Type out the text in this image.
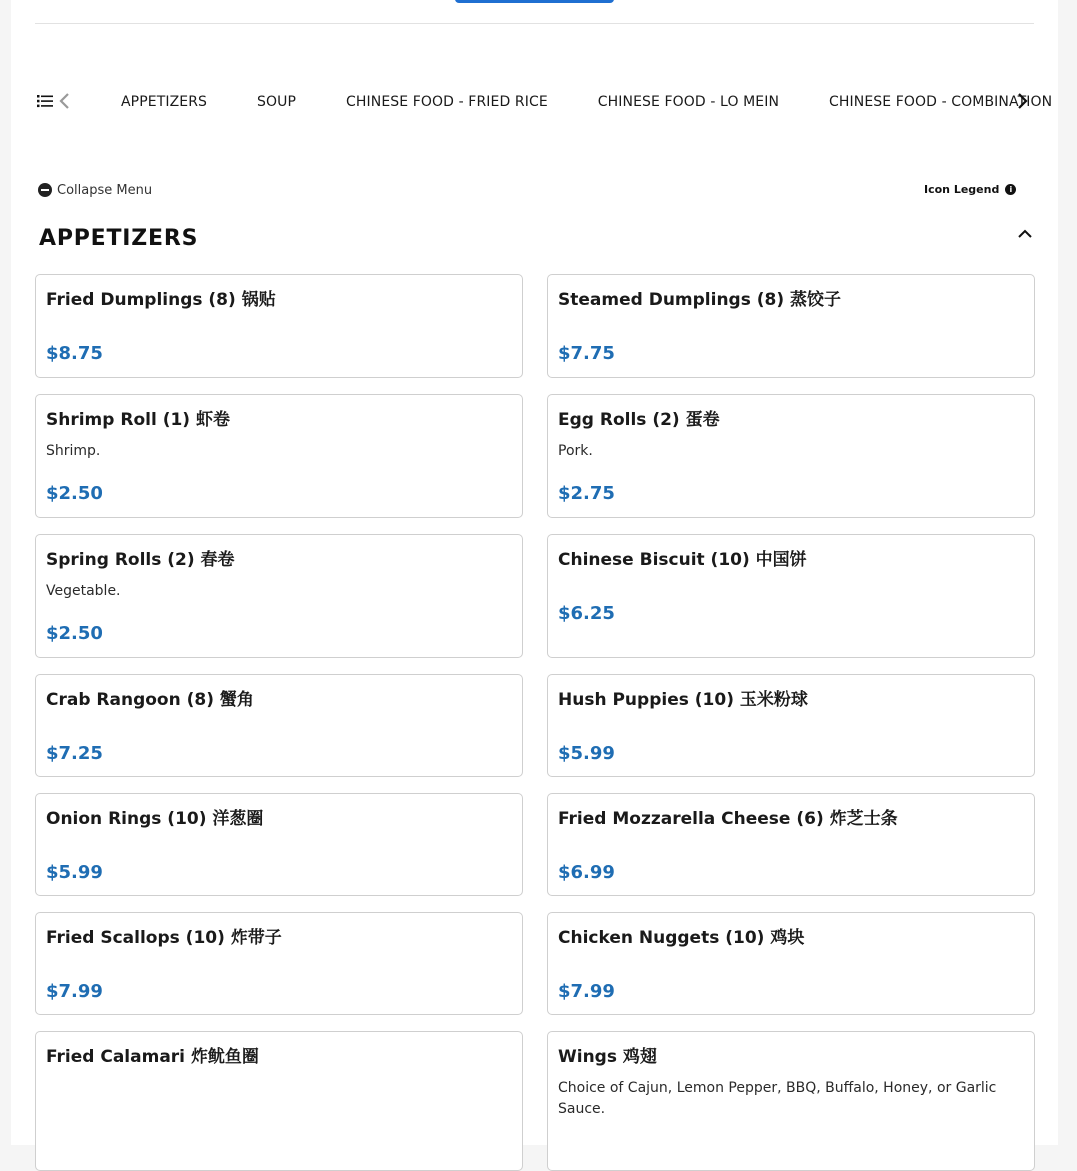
APPETIZERS	SOUP	CHINESE FOOD - FRIED RICE	CHINESE FOOD - LO MEIN	CHINESE FOOD - COMBINATION
Collapse Menu	Icon Legend	i
APPETIZERS
Fried Dumplings (8) 锅贴
$8.75
Steamed Dumplings (8) 蒸饺子
$7.75
Shrimp Roll (1) 虾卷
Shrimp.
$2.50
Egg Rolls (2) 蛋卷
Pork.
$2.75
Spring Rolls (2) 春卷
Vegetable.
$2.50
Chinese Biscuit (10) 中国饼
$6.25
Crab Rangoon (8) 蟹角
$7.25
Hush Puppies (10) 玉米粉球
$5.99
Onion Rings (10) 洋葱圈
$5.99
Fried Mozzarella Cheese (6) 炸芝士条
$6.99
Fried Scallops (10) 炸带子
$7.99
Chicken Nuggets (10) 鸡块
$7.99
Fried Calamari 炸鱿鱼圈	Wings 鸡翅
Choice of Cajun, Lemon Pepper, BBQ, Buffalo, Honey, or Garlic Sauce.
